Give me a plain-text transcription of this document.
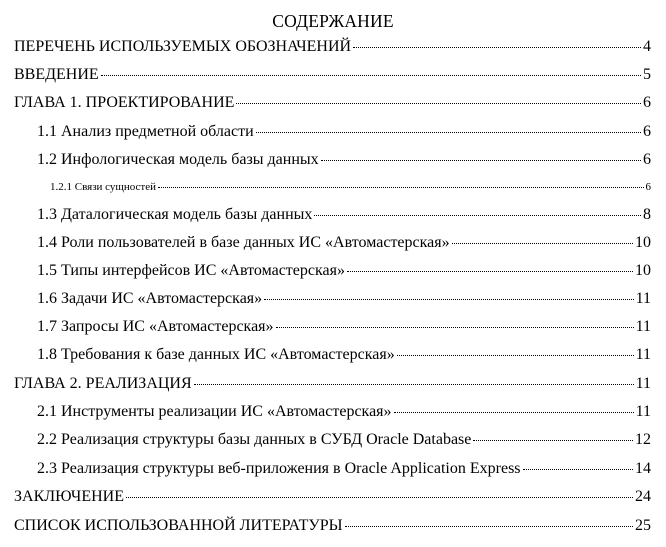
СОДЕРЖАНИЕ
ПЕРЕЧЕНЬ ИСПОЛЬЗУЕМЫХ ОБОЗНАЧЕНИЙ	4
ВВЕДЕНИЕ	5
ГЛАВА 1. ПРОЕКТИРОВАНИЕ	6
1.1 Анализ предметной области	6
1.2 Инфологическая модель базы данных	6
1.2.1 Связи сущностей	6
1.3 Даталогическая модель базы данных	8
1.4 Роли пользователей в базе данных ИС «Автомастерская»	10
1.5 Типы интерфейсов ИС «Автомастерская»	10
1.6 Задачи ИС «Автомастерская»	11
1.7 Запросы ИС «Автомастерская»	11
1.8 Требования к базе данных ИС «Автомастерская»	11
ГЛАВА 2. РЕАЛИЗАЦИЯ	11
2.1 Инструменты реализации ИС «Автомастерская»	11
2.2 Реализация структуры базы данных в СУБД Oracle Database	12
2.3 Реализация структуры веб-приложения в Oracle Application Express	14
ЗАКЛЮЧЕНИЕ	24
СПИСОК ИСПОЛЬЗОВАННОЙ ЛИТЕРАТУРЫ	25
